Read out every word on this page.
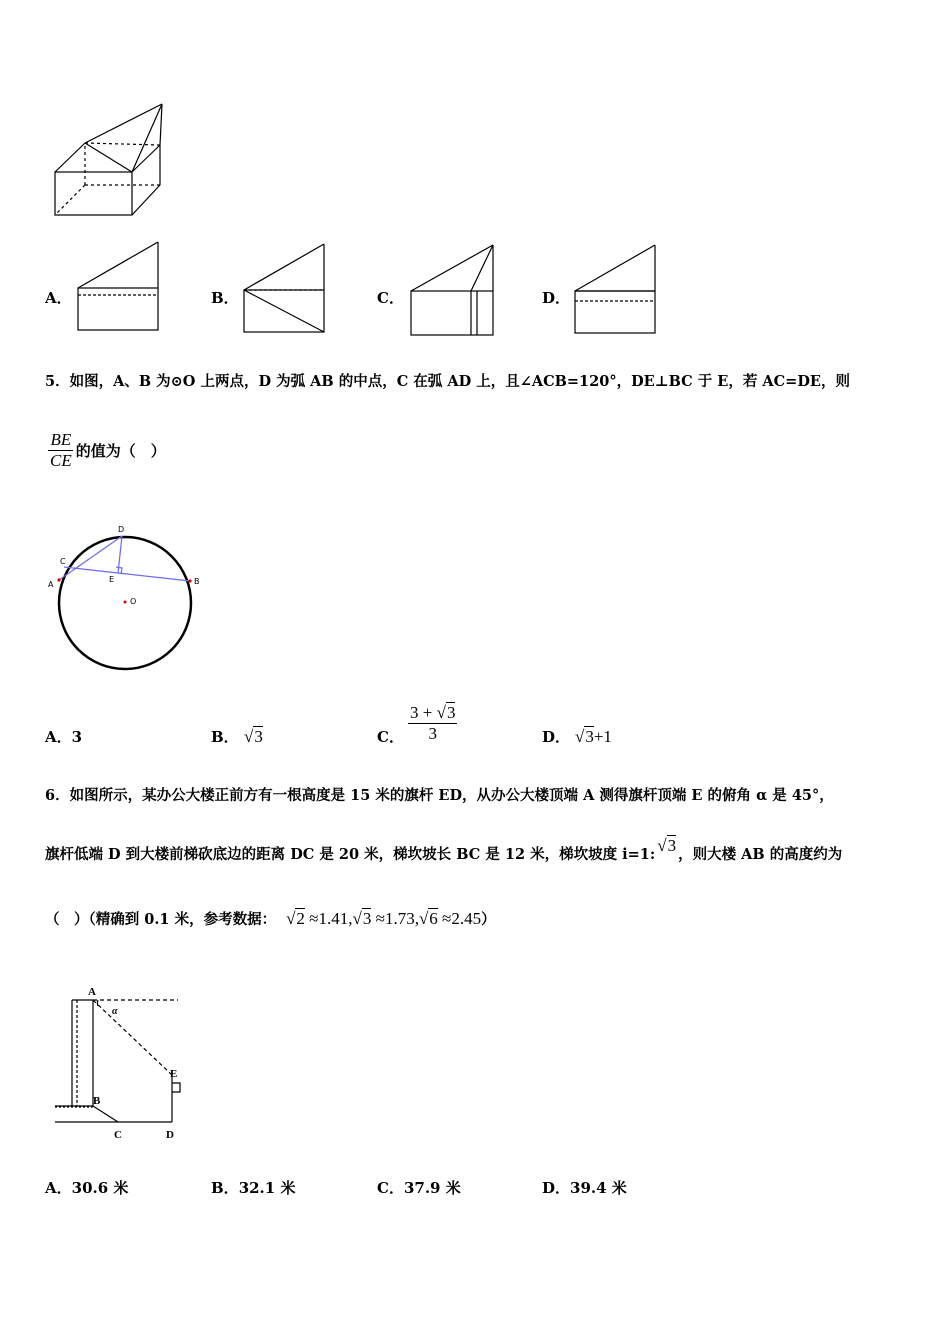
A．	B．	C．	D．
5．如图，A、B 为⊙O 上两点，D 为弧 AB 的中点，C 在弧 AD 上，且∠ACB=120°，DE⊥BC 于 E，若 AC=DE，则
$\frac{BE}{CE}$ 的值为（　）
D
C
A
E	B
O
A．3	B． √3	C． $\frac{3 + √3}{3}$	D． √3+1
6．如图所示，某办公大楼正前方有一根高度是 15 米的旗杆 ED，从办公大楼顶端 A 测得旗杆顶端 E 的俯角 α 是 45°，
旗杆低端 D 到大楼前梯砍底边的距离 DC 是 20 米，梯坎坡长 BC 是 12 米，梯坎坡度 i=1: √3 ，则大楼 AB 的高度约为
（　）（精确到 0.1 米，参考数据： √2 ≈1.41, √3 ≈1.73, √6 ≈2.45 ）
A
α
E
B
C	D
A．30.6 米	B．32.1 米	C．37.9 米	D．39.4 米
